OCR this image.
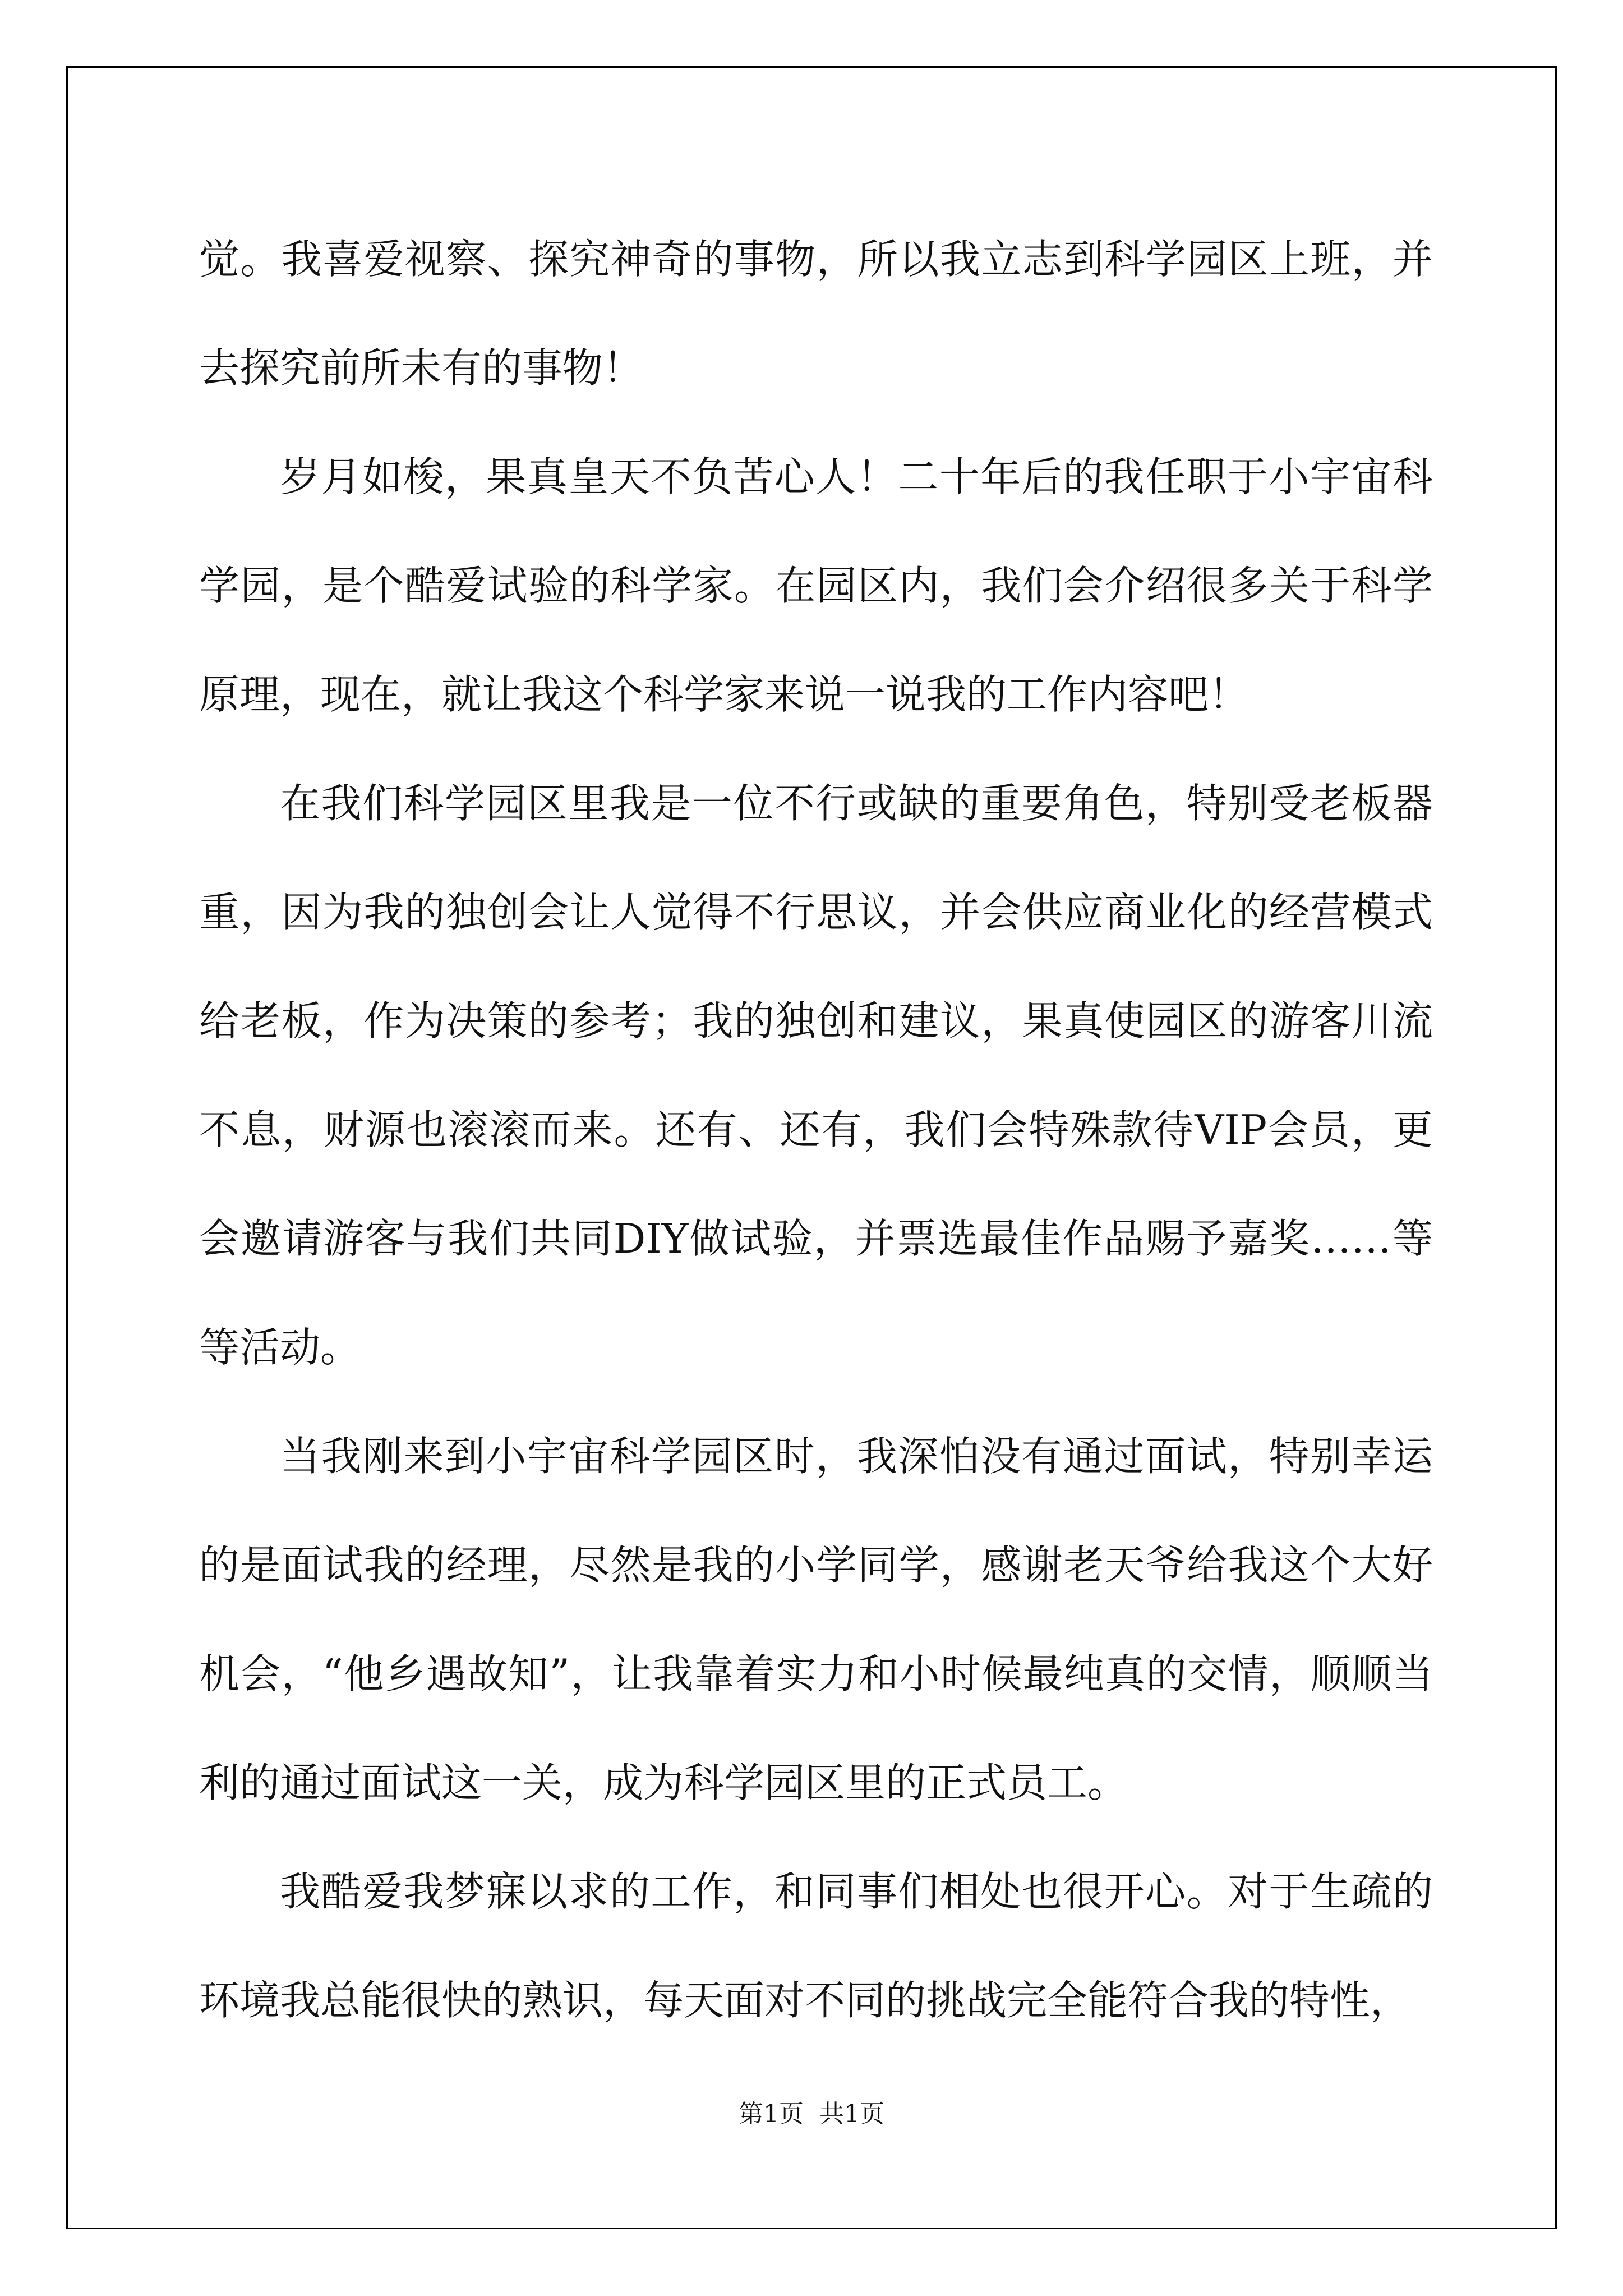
觉。我喜爱视察、探究神奇的事物，所以我立志到科学园区上班，并去探究前所未有的事物！

岁月如梭，果真皇天不负苦心人！二十年后的我任职于小宇宙科学园，是个酷爱试验的科学家。在园区内，我们会介绍很多关于科学原理，现在，就让我这个科学家来说一说我的工作内容吧！

在我们科学园区里我是一位不行或缺的重要角色，特别受老板器重，因为我的独创会让人觉得不行思议，并会供应商业化的经营模式给老板，作为决策的参考；我的独创和建议，果真使园区的游客川流不息，财源也滚滚而来。还有、还有，我们会特殊款待VIP会员，更会邀请游客与我们共同DIY做试验，并票选最佳作品赐予嘉奖……等等活动。

当我刚来到小宇宙科学园区时，我深怕没有通过面试，特别幸运的是面试我的经理，尽然是我的小学同学，感谢老天爷给我这个大好机会，“他乡遇故知”，让我靠着实力和小时候最纯真的交情，顺顺当利的通过面试这一关，成为科学园区里的正式员工。

我酷爱我梦寐以求的工作，和同事们相处也很开心。对于生疏的环境我总能很快的熟识，每天面对不同的挑战完全能符合我的特性，

第1页  共1页
